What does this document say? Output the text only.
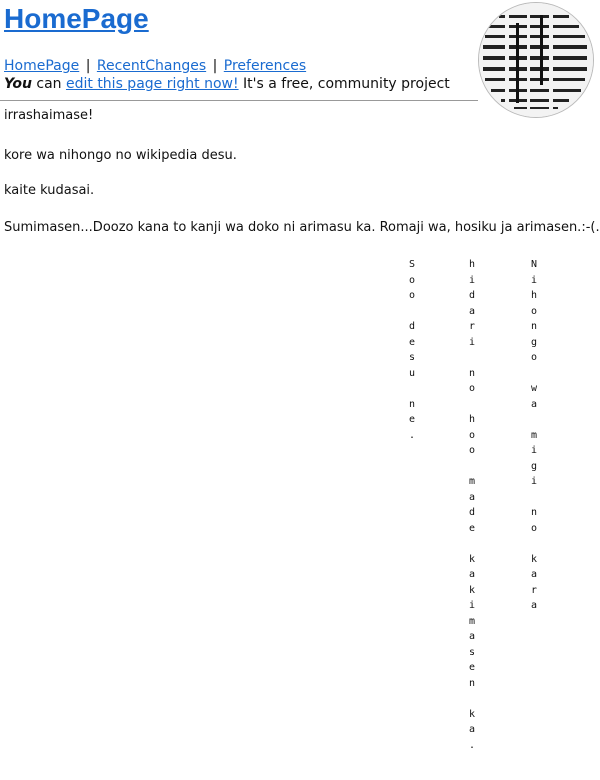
HomePage
HomePage | RecentChanges | Preferences
You can edit this page right now! It's a free, community project

irrashaimase!

kore wa nihongo no wikipedia desu.

kaite kudasai.

Sumimasen...Doozo kana to kanji wa doko ni arimasu ka. Romaji wa, hosiku ja arimasen.:-(.

S
o
o

d
e
s
u

n
e
.
h
i
d
a
r
i

n
o

h
o
o

m
a
d
e

k
a
k
i
m
a
s
e
n

k
a
.
N
i
h
o
n
g
o

w
a

m
i
g
i

n
o

k
a
r
a
